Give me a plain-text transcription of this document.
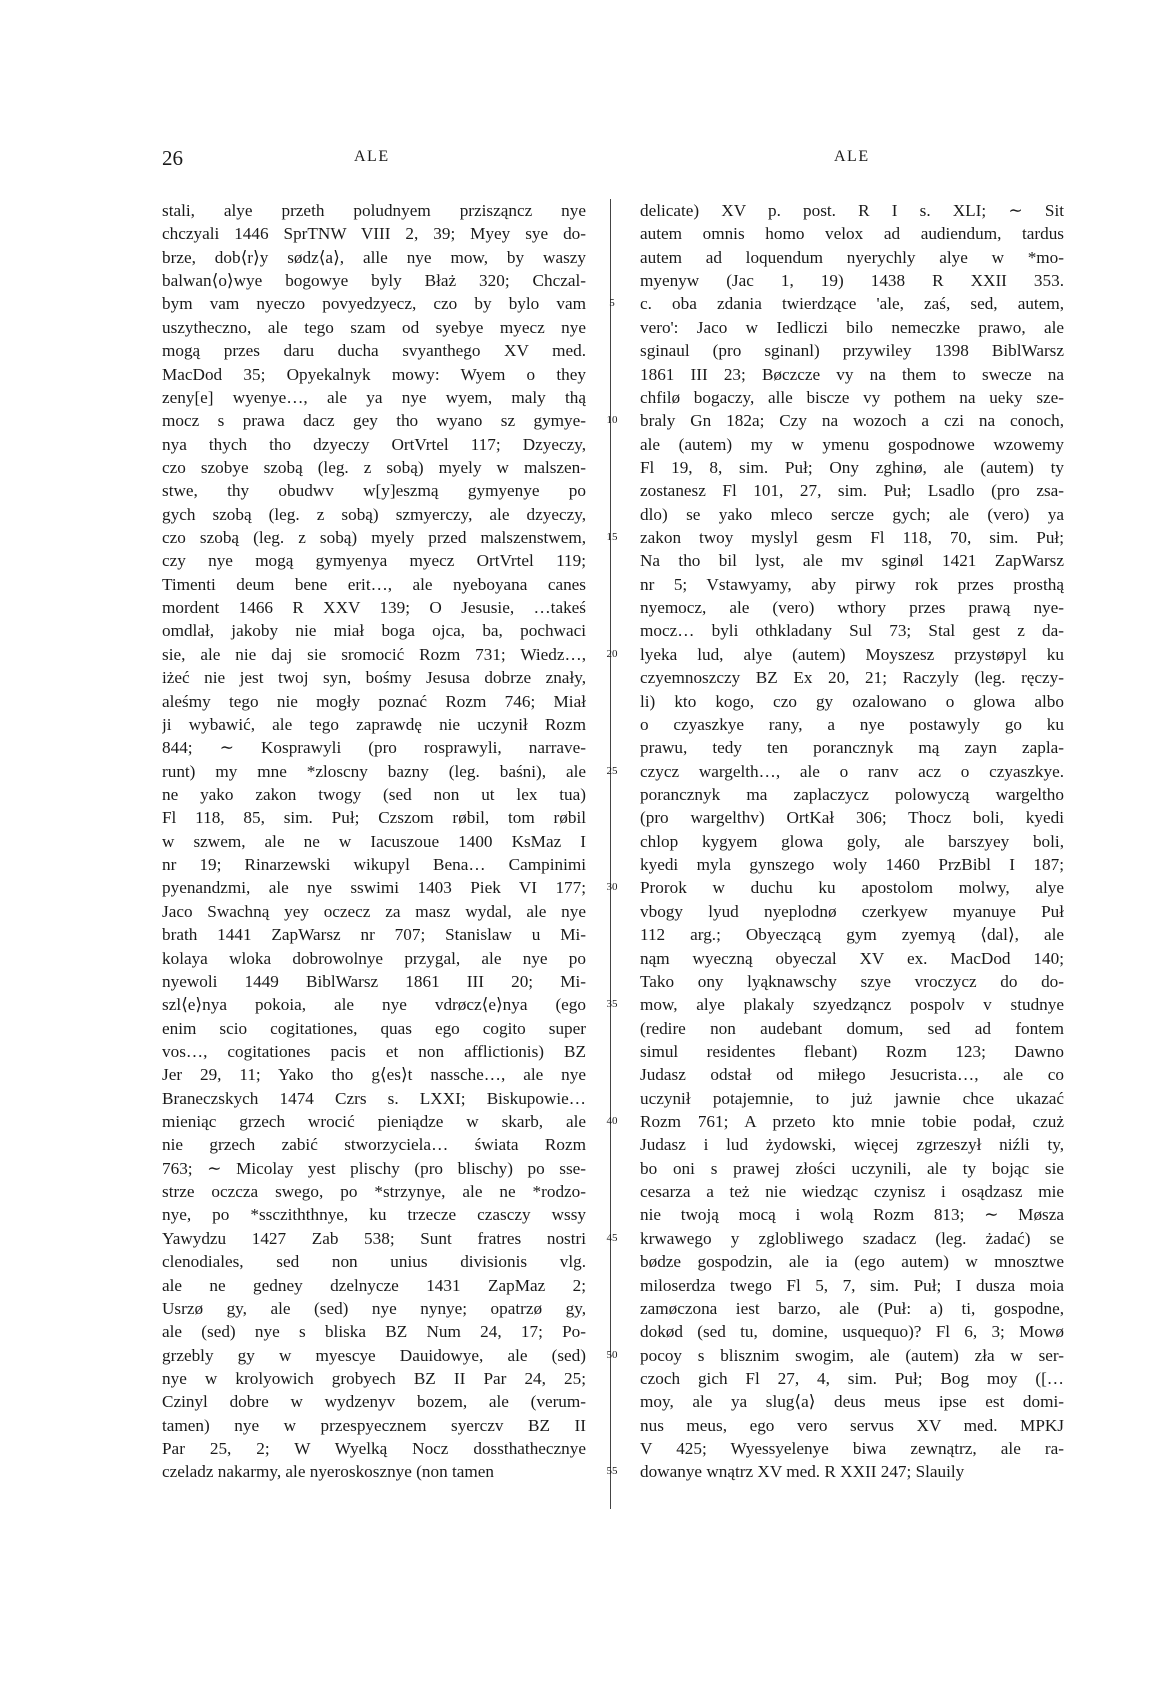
26	ALE	ALE
stali, alye przeth poludnyem przisząncz nye
chczyali 1446 SprTNW VIII 2, 39; Myey sye do-
brze, dob⟨r⟩y sødz⟨a⟩, alle nye mow, by waszy
balwan⟨o⟩wye bogowye byly Błaż 320; Chczal-
bym vam nyeczo povyedzyecz, czo by bylo vam
uszytheczno, ale tego szam od syebye myecz nye
mogą przes daru ducha svyanthego XV med.
MacDod 35; Opyekalnyk mowy: Wyem o they
zeny[e] wyenye…, ale ya nye wyem, maly thą
mocz s prawa dacz gey tho wyano sz gymye-
nya thych tho dzyeczy OrtVrtel 117; Dzyeczy,
czo szobye szobą (leg. z sobą) myely w malszen-
stwe, thy obudwv w[y]eszmą gymyenye po
gych szobą (leg. z sobą) szmyerczy, ale dzyeczy,
czo szobą (leg. z sobą) myely przed malszenstwem,
czy nye mogą gymyenya myecz OrtVrtel 119;
Timenti deum bene erit…, ale nyeboyana canes
mordent 1466 R XXV 139; O Jesusie, …takeś
omdlał, jakoby nie miał boga ojca, ba, pochwaci
sie, ale nie daj sie sromocić Rozm 731; Wiedz…,
iżeć nie jest twoj syn, bośmy Jesusa dobrze znały,
aleśmy tego nie mogły poznać Rozm 746; Miał
ji wybawić, ale tego zaprawdę nie uczynił Rozm
844; ∼ Kosprawyli (pro rosprawyli, narrave-
runt) my mne *zloscny bazny (leg. baśni), ale
ne yako zakon twogy (sed non ut lex tua)
Fl 118, 85, sim. Puł; Czszom røbil, tom røbil
w szwem, ale ne w Iacuszoue 1400 KsMaz I
nr 19; Rinarzewski wikupyl Bena… Campinimi
pyenandzmi, ale nye sswimi 1403 Piek VI 177;
Jaco Swachną yey oczecz za masz wydal, ale nye
brath 1441 ZapWarsz nr 707; Stanislaw u Mi-
kolaya wloka dobrowolnye przygal, ale nye po
nyewoli 1449 BiblWarsz 1861 III 20; Mi-
szl⟨e⟩nya pokoia, ale nye vdrøcz⟨e⟩nya (ego
enim scio cogitationes, quas ego cogito super
vos…, cogitationes pacis et non afflictionis) BZ
Jer 29, 11; Yako tho g⟨es⟩t nassche…, ale nye
Braneczskych 1474 Czrs s. LXXI; Biskupowie…
mieniąc grzech wrocić pieniądze w skarb, ale
nie grzech zabić stworzyciela… świata Rozm
763; ∼ Micolay yest plischy (pro blischy) po sse-
strze oczcza swego, po *strzynye, ale ne *rodzo-
nye, po *sscziththnye, ku trzecze czasczy wssy
Yawydzu 1427 Zab 538; Sunt fratres nostri
clenodiales, sed non unius divisionis vlg.
ale ne gedney dzelnycze 1431 ZapMaz 2;
Usrzø gy, ale (sed) nye nynye; opatrzø gy,
ale (sed) nye s bliska BZ Num 24, 17; Po-
grzebly gy w myescye Dauidowye, ale (sed)
nye w krolyowich grobyech BZ II Par 24, 25;
Czinyl dobre w wydzenyv bozem, ale (verum-
tamen) nye w przespyecznem syerczv BZ II
Par 25, 2; W Wyelką Nocz dossthathecznye
czeladz nakarmy, ale nyeroskosznye (non tamen
5
10
15
20
25
30
35
40
45
50
55
delicate) XV p. post. R I s. XLI; ∼ Sit
autem omnis homo velox ad audiendum, tardus
autem ad loquendum nyerychly alye w *mo-
myenyw (Jac 1, 19) 1438 R XXII 353.
c. oba zdania twierdzące 'ale, zaś, sed, autem,
vero': Jaco w Iedliczi bilo nemeczke prawo, ale
sginaul (pro sginanl) przywiley 1398 BiblWarsz
1861 III 23; Bøczcze vy na them to swecze na
chfilø bogaczy, alle biscze vy pothem na ueky sze-
braly Gn 182a; Czy na wozoch a czi na conoch,
ale (autem) my w ymenu gospodnowe wzowemy
Fl 19, 8, sim. Puł; Ony zghinø, ale (autem) ty
zostanesz Fl 101, 27, sim. Puł; Lsadlo (pro zsa-
dlo) se yako mleco sercze gych; ale (vero) ya
zakon twoy myslyl gesm Fl 118, 70, sim. Puł;
Na tho bil lyst, ale mv sginøl 1421 ZapWarsz
nr 5; Vstawyamy, aby pirwy rok przes prosthą
nyemocz, ale (vero) wthory przes prawą nye-
mocz… byli othkladany Sul 73; Stal gest z da-
lyeka lud, alye (autem) Moyszesz przystøpyl ku
czyemnoszczy BZ Ex 20, 21; Raczyly (leg. ręczy-
li) kto kogo, czo gy ozalowano o glowa albo
o czyaszkye rany, a nye postawyly go ku
prawu, tedy ten porancznyk mą zayn zapla-
czycz wargelth…, ale o ranv acz o czyaszkye.
porancznyk ma zaplaczycz polowyczą wargeltho
(pro wargelthv) OrtKał 306; Thocz boli, kyedi
chlop kygyem glowa goly, ale barszyey boli,
kyedi myla gynszego woly 1460 PrzBibl I 187;
Prorok w duchu ku apostolom molwy, alye
vbogy lyud nyeplodnø czerkyew myanuye Puł
112 arg.; Obyeczącą gym zyemyą ⟨dal⟩, ale
nąm wyeczną obyeczal XV ex. MacDod 140;
Tako ony lyąknawschy szye vroczycz do do-
mow, alye plakaly szyedząncz pospolv v studnye
(redire non audebant domum, sed ad fontem
simul residentes flebant) Rozm 123; Dawno
Judasz odstał od miłego Jesucrista…, ale co
uczynił potajemnie, to już jawnie chce ukazać
Rozm 761; A przeto kto mnie tobie podał, czuż
Judasz i lud żydowski, więcej zgrzeszył niźli ty,
bo oni s prawej złości uczynili, ale ty bojąc sie
cesarza a też nie wiedząc czynisz i osądzasz mie
nie twoją mocą i wolą Rozm 813; ∼ Møsza
krwawego y zglobliwego szadacz (leg. żadać) se
bødze gospodzin, ale ia (ego autem) w mnosztwe
miloserdza twego Fl 5, 7, sim. Puł; I dusza moia
zamøczona iest barzo, ale (Puł: a) ti, gospodne,
dokød (sed tu, domine, usquequo)? Fl 6, 3; Mowø
pocoy s blisznim swogim, ale (autem) zła w ser-
czoch gich Fl 27, 4, sim. Puł; Bog moy ([…
moy, ale ya slug⟨a⟩ deus meus ipse est domi-
nus meus, ego vero servus XV med. MPKJ
V 425; Wyessyelenye biwa zewnątrz, ale ra-
dowanye wnątrz XV med. R XXII 247; Slauily
